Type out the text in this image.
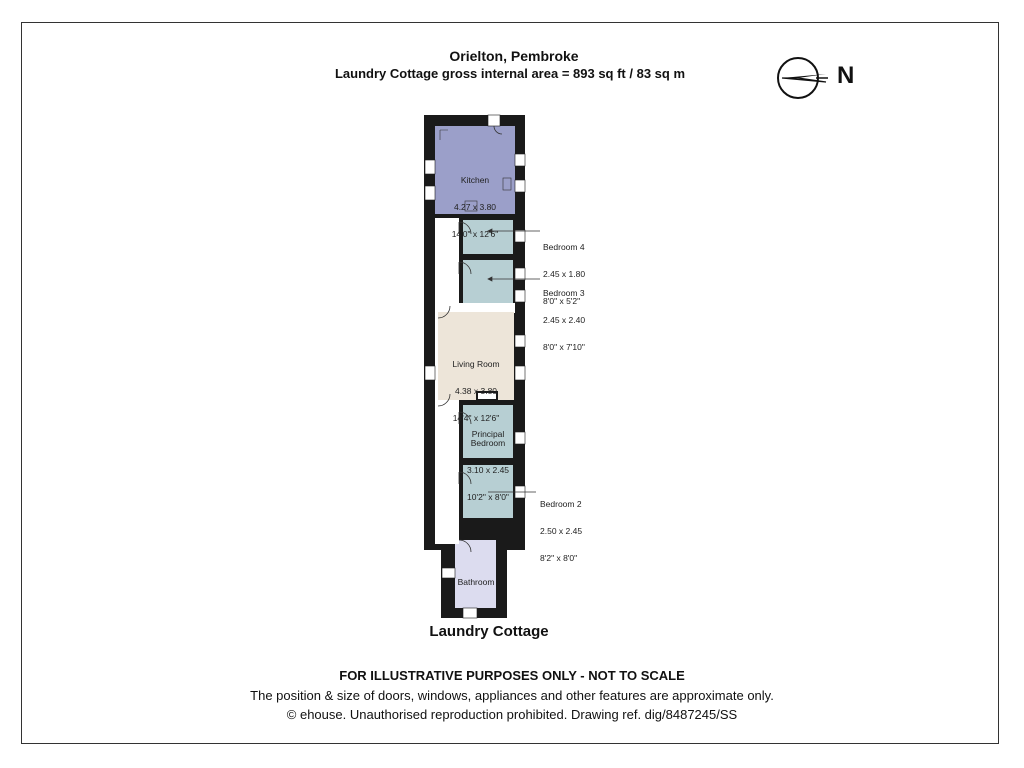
Orielton, Pembroke
Laundry Cottage gross internal area = 893 sq ft / 83 sq m	N

Kitchen

4.27 x 3.80

14'0" x 12'6"

Bedroom 4

2.45 x 1.80

8'0" x 5'2"

Bedroom 3

2.45 x 2.40

8'0" x 7'10"

Living Room

4.38 x 3.80

14'4" x 12'6"

Principal
Bedroom

3.10 x 2.45

10'2" x 8'0"

Bedroom 2

2.50 x 2.45

8'2" x 8'0"

Bathroom

Laundry Cottage
FOR ILLUSTRATIVE PURPOSES ONLY - NOT TO SCALE
The position & size of doors, windows, appliances and other features are approximate only.
© ehouse. Unauthorised reproduction prohibited. Drawing ref. dig/8487245/SS
